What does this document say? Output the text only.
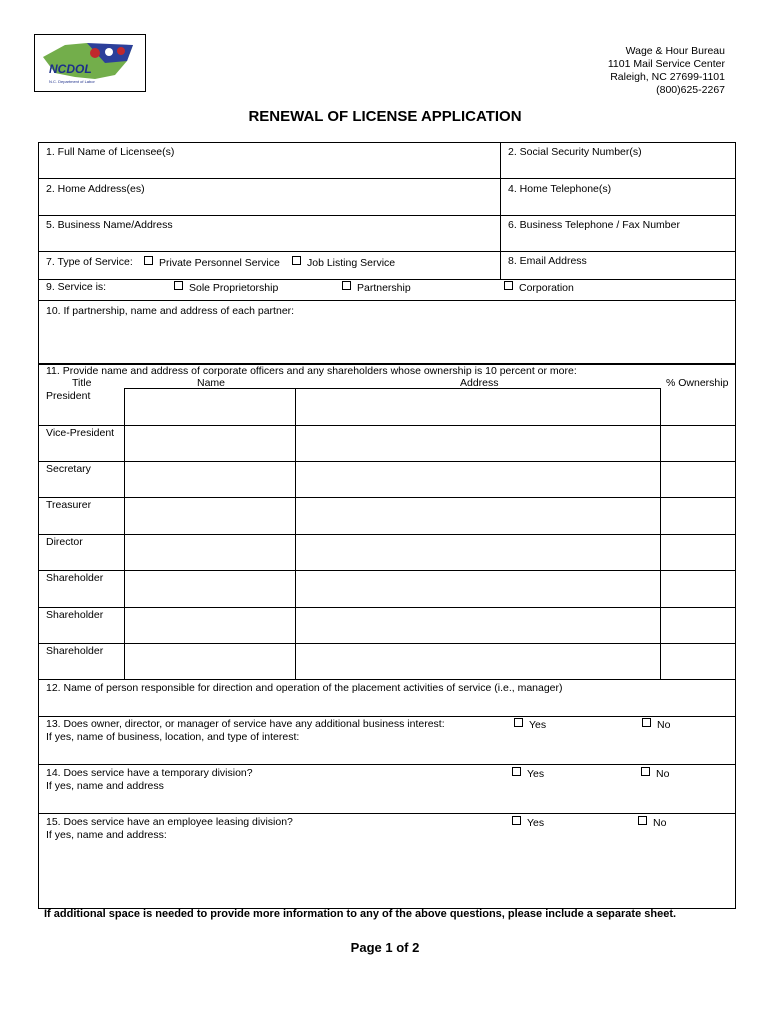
NCDOL
N.C. Department of Labor
Wage & Hour Bureau
1101 Mail Service Center
Raleigh, NC 27699-1101
(800)625-2267
RENEWAL OF LICENSE APPLICATION
1. Full Name of Licensee(s)	2. Social Security Number(s)
2. Home Address(es)	4. Home Telephone(s)
5. Business Name/Address	6. Business Telephone / Fax Number
7. Type of Service:	Private Personnel Service	Job Listing Service	8. Email Address
9. Service is:	Sole Proprietorship	Partnership	Corporation
10. If partnership, name and address of each partner:
11. Provide name and address of corporate officers and any shareholders whose ownership is 10 percent or more:
Title	Name	Address	% Ownership
President
Vice-President
Secretary
Treasurer
Director
Shareholder
Shareholder
Shareholder
12. Name of person responsible for direction and operation of the placement activities of service (i.e., manager)
13. Does owner, director, or manager of service have any additional business interest:
If yes, name of business, location, and type of interest:
Yes	No
14. Does service have a temporary division?
If yes, name and address
Yes	No
15. Does service have an employee leasing division?
If yes, name and address:
Yes	No
If additional space is needed to provide more information to any of the above questions, please include a separate sheet.
Page 1 of 2
